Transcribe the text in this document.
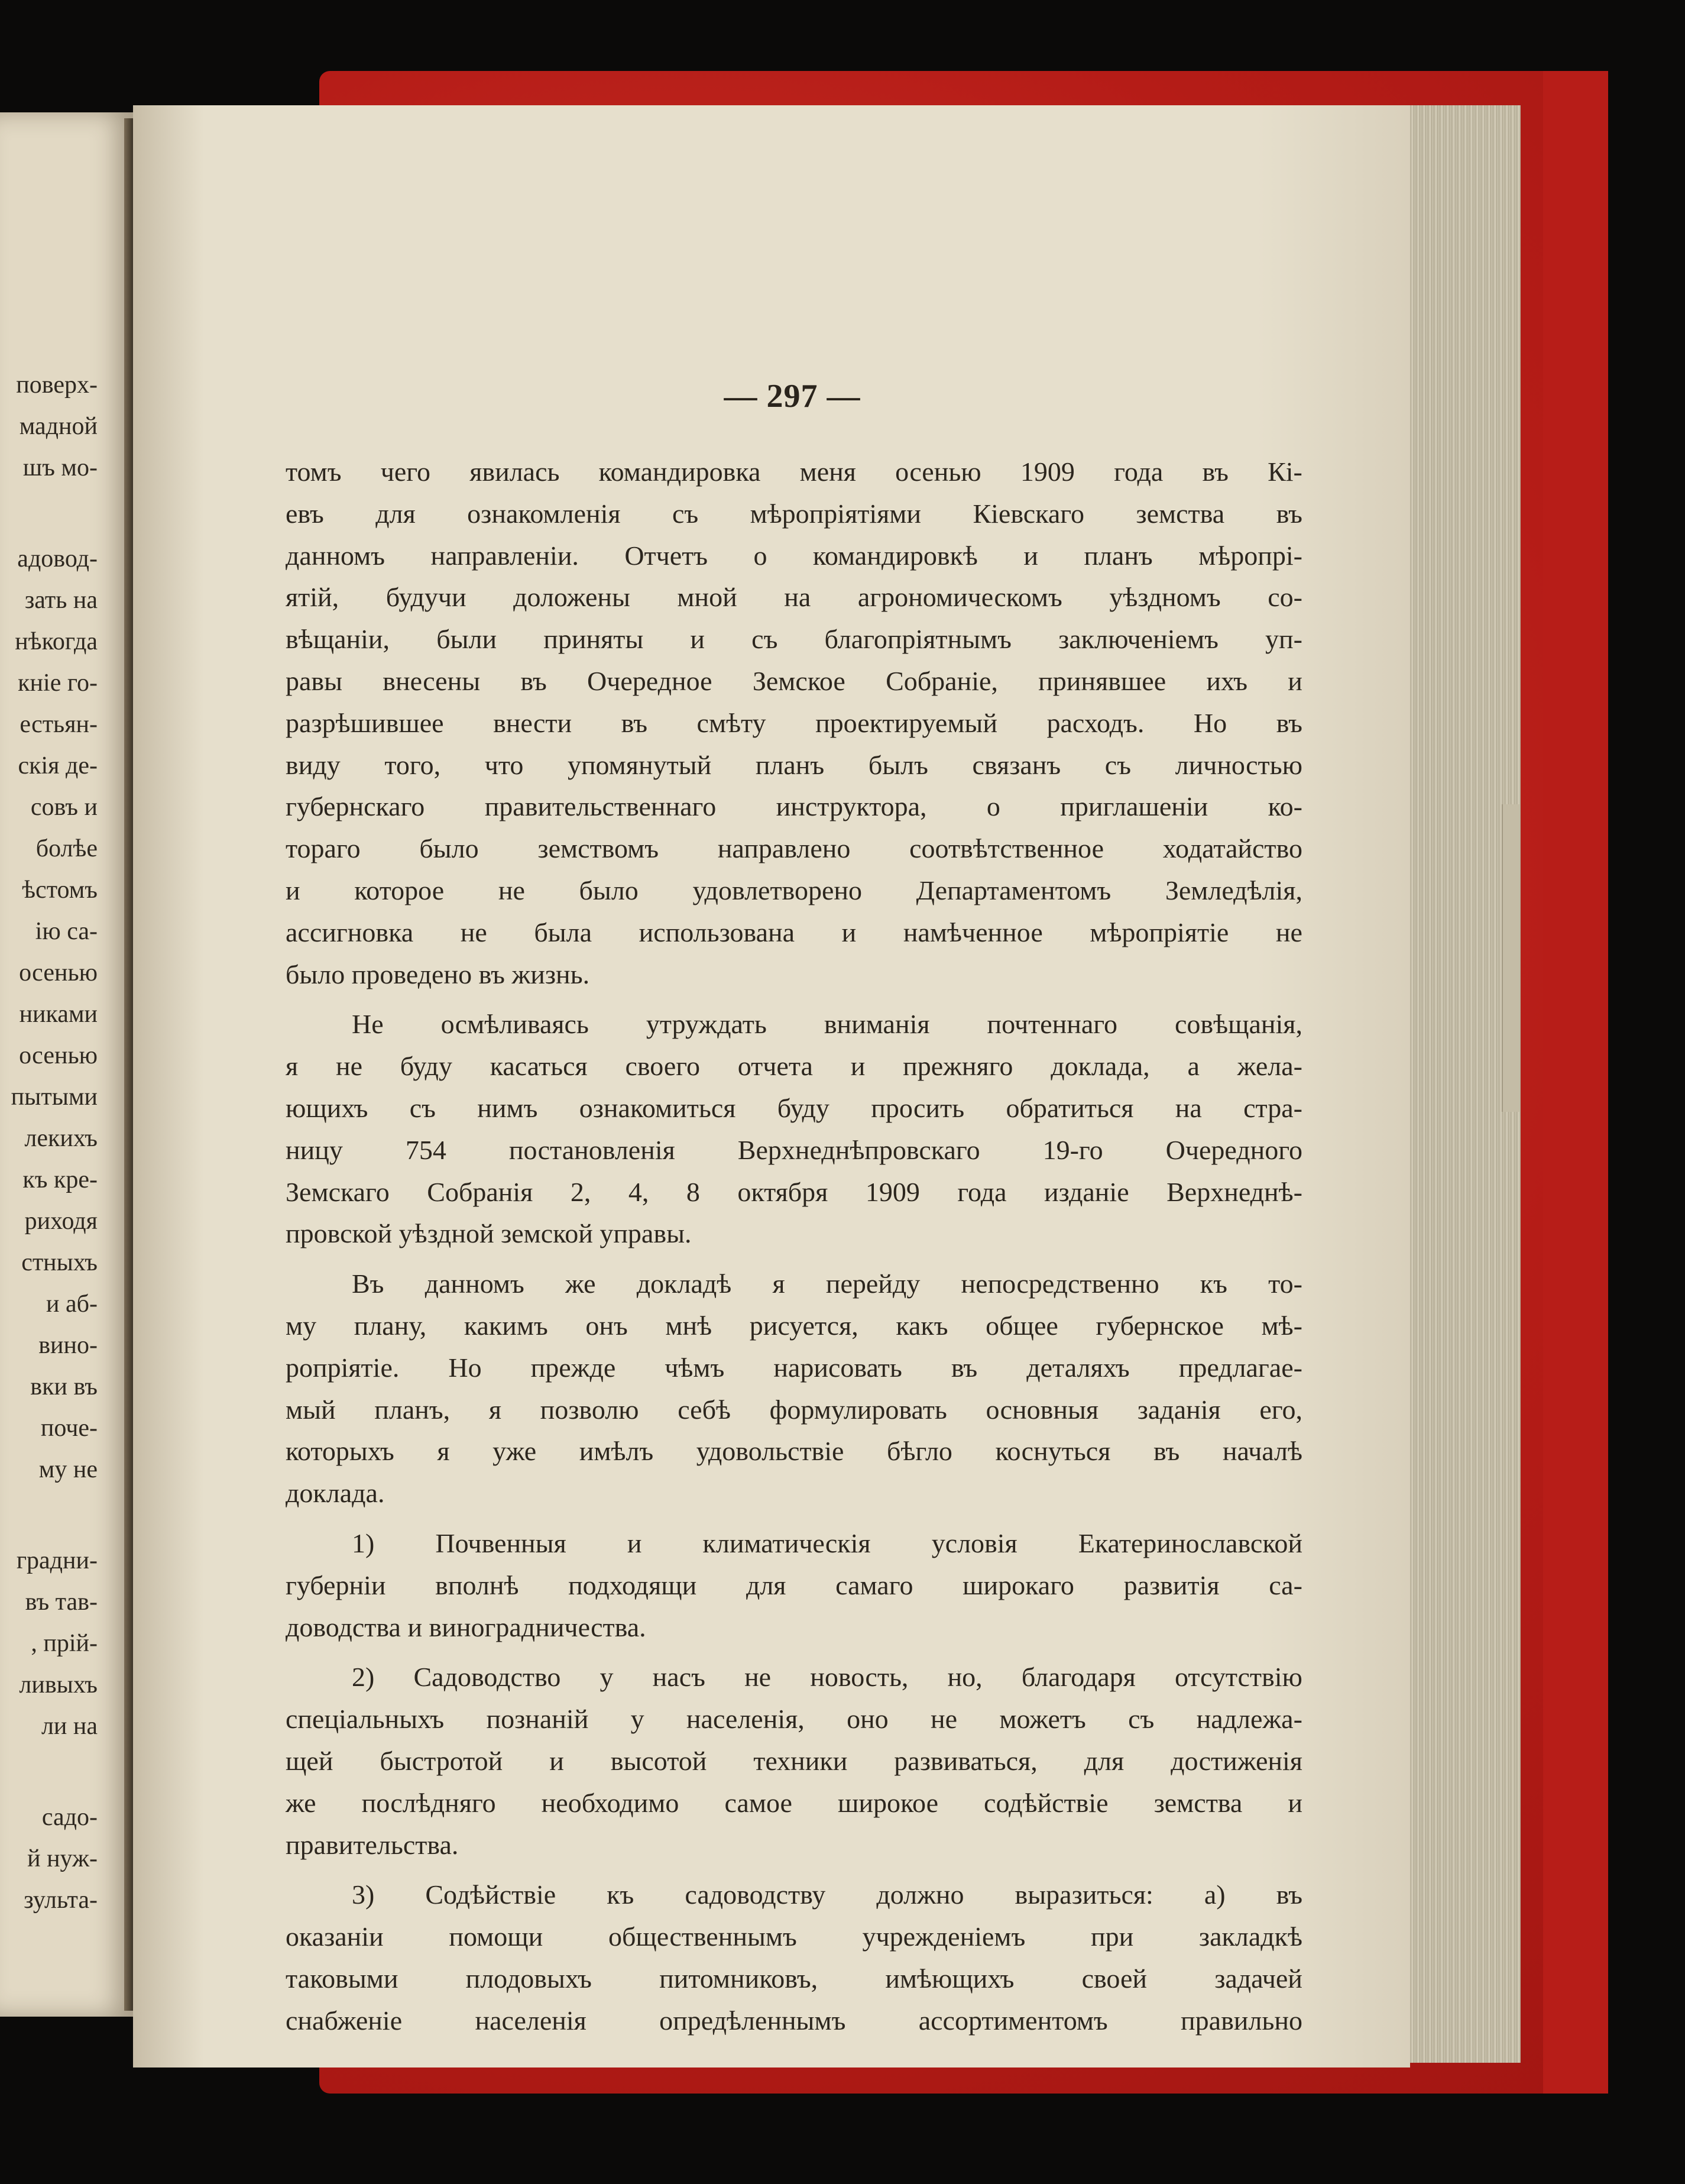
поверх-
мадной
шъ мо-
адовод-
зать на
нѣкогда
кніе го-
естьян-
скія де-
совъ и
болѣе
ѣстомъ
ію са-
осенью
никами
осенью
пытыми
лекихъ
къ кре-
риходя
стныхъ
и аб-
вино-
вки въ
поче-
му не
градни-
въ тав-
, прій-
ливыхъ
ли на
садо-
й нуж-
зульта-
— 297 —
томъ чего явилась командировка меня осенью 1909 года въ Кі-
евъ для ознакомленія съ мѣропріятіями Кіевскаго земства въ
данномъ направленіи. Отчетъ о командировкѣ и планъ мѣропрі-
ятій, будучи доложены мной на агрономическомъ уѣздномъ со-
вѣщаніи, были приняты и съ благопріятнымъ заключеніемъ уп-
равы внесены въ Очередное Земское Собраніе, принявшее ихъ и
разрѣшившее внести въ смѣту проектируемый расходъ. Но въ
виду того, что упомянутый планъ былъ связанъ съ личностью
губернскаго правительственнаго инструктора, о приглашеніи ко-
тораго было земствомъ направлено соотвѣтственное ходатайство
и которое не было удовлетворено Департаментомъ Земледѣлія,
ассигновка не была использована и намѣченное мѣропріятіе не
было проведено въ жизнь.
Не осмѣливаясь утруждать вниманія почтеннаго совѣщанія,
я не буду касаться своего отчета и прежняго доклада, а жела-
ющихъ съ нимъ ознакомиться буду просить обратиться на стра-
ницу 754 постановленія Верхнеднѣпровскаго 19-го Очередного
Земскаго Собранія 2, 4, 8 октября 1909 года изданіе Верхнеднѣ-
провской уѣздной земской управы.
Въ данномъ же докладѣ я перейду непосредственно къ то-
му плану, какимъ онъ мнѣ рисуется, какъ общее губернское мѣ-
ропріятіе. Но прежде чѣмъ нарисовать въ деталяхъ предлагае-
мый планъ, я позволю себѣ формулировать основныя заданія его,
которыхъ я уже имѣлъ удовольствіе бѣгло коснуться въ началѣ
доклада.
1) Почвенныя и климатическія условія Екатеринославской
губерніи вполнѣ подходящи для самаго широкаго развитія са-
доводства и виноградничества.
2) Садоводство у насъ не новость, но, благодаря отсутствію
спеціальныхъ познаній у населенія, оно не можетъ съ надлежа-
щей быстротой и высотой техники развиваться, для достиженія
же послѣдняго необходимо самое широкое содѣйствіе земства и
правительства.
3) Содѣйствіе къ садоводству должно выразиться: а) въ
оказаніи помощи общественнымъ учрежденіемъ при закладкѣ
таковыми плодовыхъ питомниковъ, имѣющихъ своей задачей
снабженіе	населенія	опредѣленнымъ	ассортиментомъ	правильно
